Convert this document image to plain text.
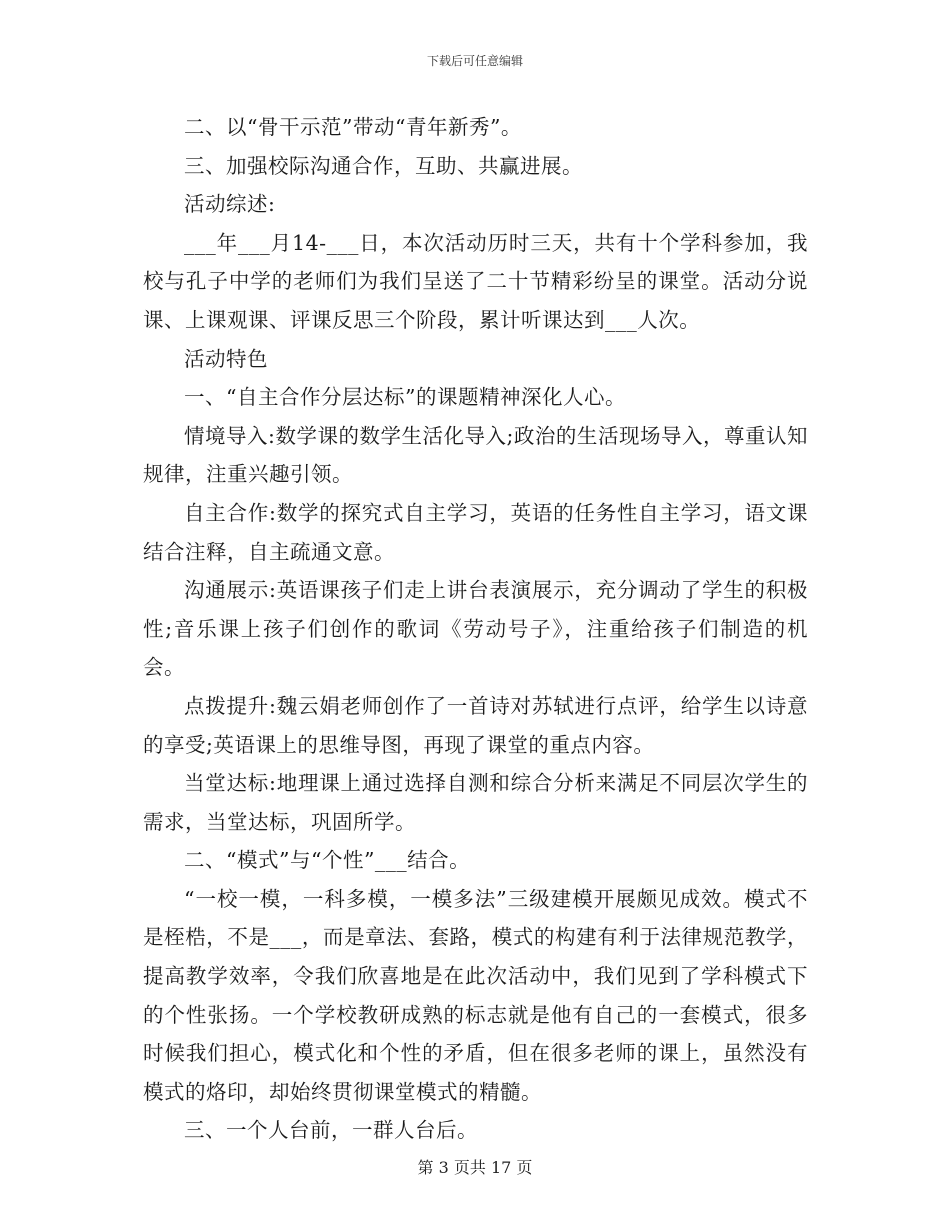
下载后可任意编辑

二、以“骨干示范”带动“青年新秀”。

三、加强校际沟通合作，互助、共赢进展。

活动综述:

___年___月14-___日，本次活动历时三天，共有十个学科参加，我校与孔子中学的老师们为我们呈送了二十节精彩纷呈的课堂。活动分说课、上课观课、评课反思三个阶段，累计听课达到___人次。

活动特色

一、“自主合作分层达标”的课题精神深化人心。

情境导入:数学课的数学生活化导入;政治的生活现场导入，尊重认知规律，注重兴趣引领。

自主合作:数学的探究式自主学习，英语的任务性自主学习，语文课结合注释，自主疏通文意。

沟通展示:英语课孩子们走上讲台表演展示，充分调动了学生的积极性;音乐课上孩子们创作的歌词《劳动号子》，注重给孩子们制造的机会。

点拨提升:魏云娟老师创作了一首诗对苏轼进行点评，给学生以诗意的享受;英语课上的思维导图，再现了课堂的重点内容。

当堂达标:地理课上通过选择自测和综合分析来满足不同层次学生的需求，当堂达标，巩固所学。

二、“模式”与“个性”___结合。

“一校一模，一科多模，一模多法”三级建模开展颇见成效。模式不是桎梏，不是___，而是章法、套路，模式的构建有利于法律规范教学，提高教学效率，令我们欣喜地是在此次活动中，我们见到了学科模式下的个性张扬。一个学校教研成熟的标志就是他有自己的一套模式，很多时候我们担心，模式化和个性的矛盾，但在很多老师的课上，虽然没有模式的烙印，却始终贯彻课堂模式的精髓。

三、一个人台前，一群人台后。

第 3 页共 17 页
